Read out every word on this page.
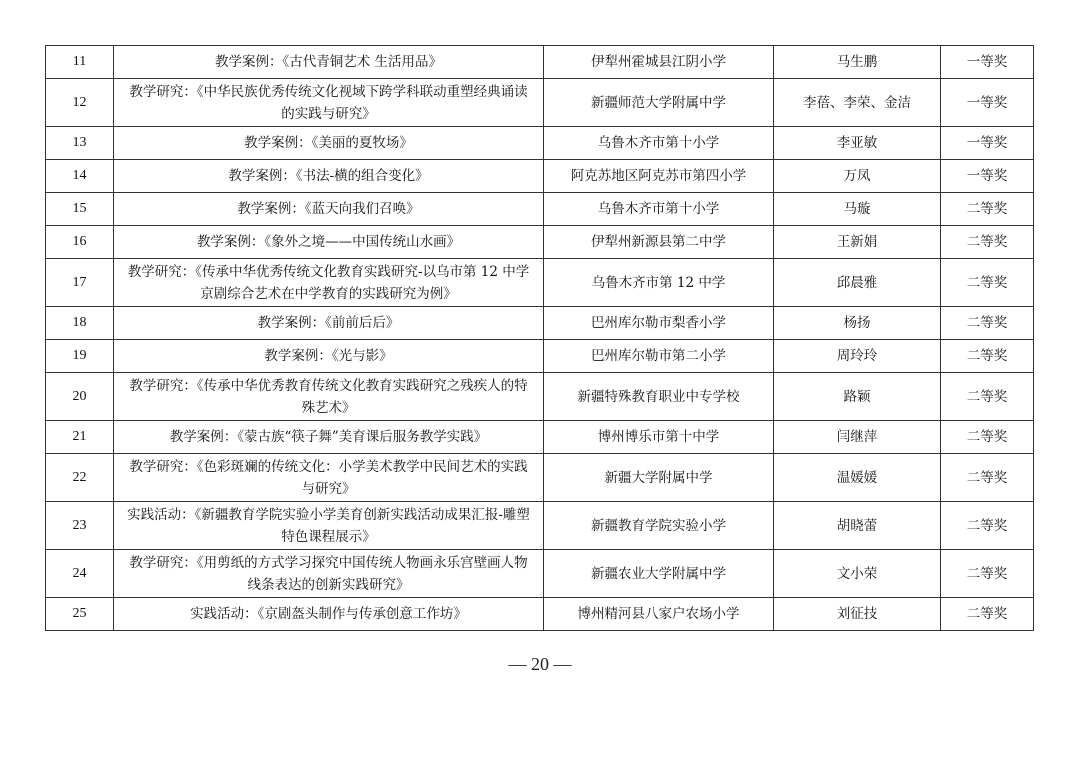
11	教学案例：《古代青铜艺术 生活用品》	伊犁州霍城县江阴小学	马生鹏	一等奖
12	教学研究：《中华民族优秀传统文化视域下跨学科联动重塑经典诵读的实践与研究》	新疆师范大学附属中学	李蓓、李荣、金洁	一等奖
13	教学案例：《美丽的夏牧场》	乌鲁木齐市第十小学	李亚敏	一等奖
14	教学案例：《书法-横的组合变化》	阿克苏地区阿克苏市第四小学	万凤	一等奖
15	教学案例：《蓝天向我们召唤》	乌鲁木齐市第十小学	马璇	二等奖
16	教学案例：《象外之境——中国传统山水画》	伊犁州新源县第二中学	王新娟	二等奖
17	教学研究：《传承中华优秀传统文化教育实践研究-以乌市第 12 中学京剧综合艺术在中学教育的实践研究为例》	乌鲁木齐市第 12 中学	邱晨雅	二等奖
18	教学案例：《前前后后》	巴州库尔勒市梨香小学	杨扬	二等奖
19	教学案例：《光与影》	巴州库尔勒市第二小学	周玲玲	二等奖
20	教学研究：《传承中华优秀教育传统文化教育实践研究之残疾人的特殊艺术》	新疆特殊教育职业中专学校	路颖	二等奖
21	教学案例：《蒙古族“筷子舞”美育课后服务教学实践》	博州博乐市第十中学	闫继萍	二等奖
22	教学研究：《色彩斑斓的传统文化：小学美术教学中民间艺术的实践与研究》	新疆大学附属中学	温媛媛	二等奖
23	实践活动：《新疆教育学院实验小学美育创新实践活动成果汇报-雕塑特色课程展示》	新疆教育学院实验小学	胡晓蕾	二等奖
24	教学研究：《用剪纸的方式学习探究中国传统人物画永乐宫壁画人物线条表达的创新实践研究》	新疆农业大学附属中学	文小荣	二等奖
25	实践活动：《京剧盔头制作与传承创意工作坊》	博州精河县八家户农场小学	刘征技	二等奖
— 20 —
